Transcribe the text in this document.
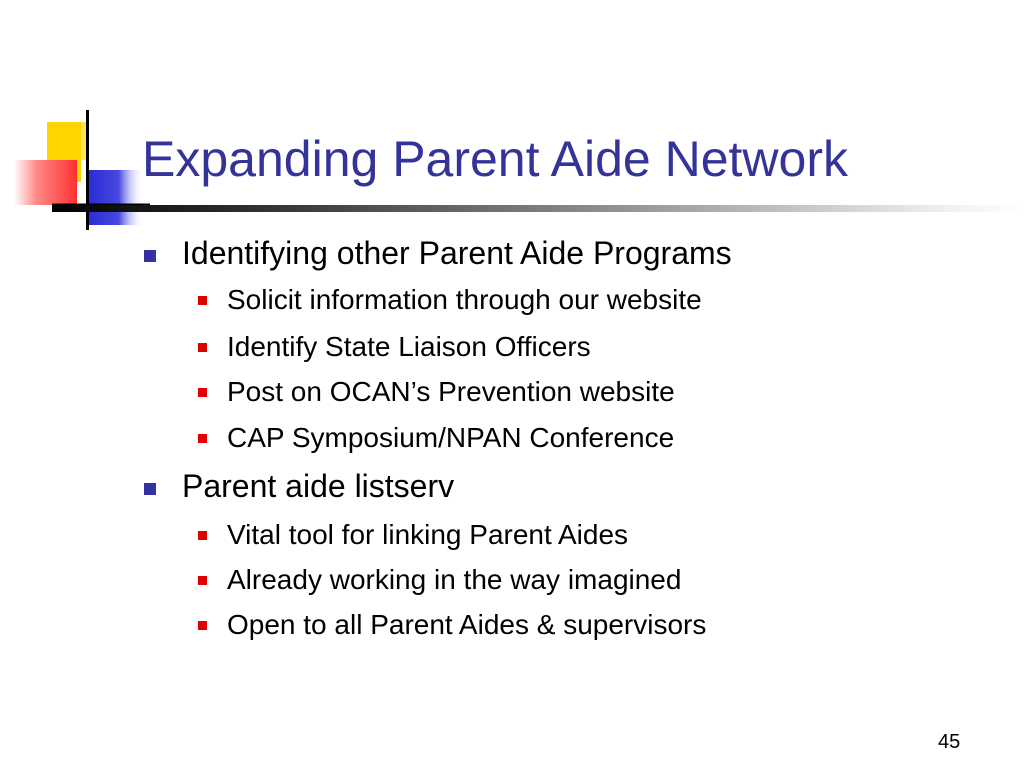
Expanding Parent Aide Network
Identifying other Parent Aide Programs
Solicit information through our website
Identify State Liaison Officers
Post on OCAN’s Prevention website
CAP Symposium/NPAN Conference
Parent aide listserv
Vital tool for linking Parent Aides
Already working in the way imagined
Open to all Parent Aides & supervisors
45
